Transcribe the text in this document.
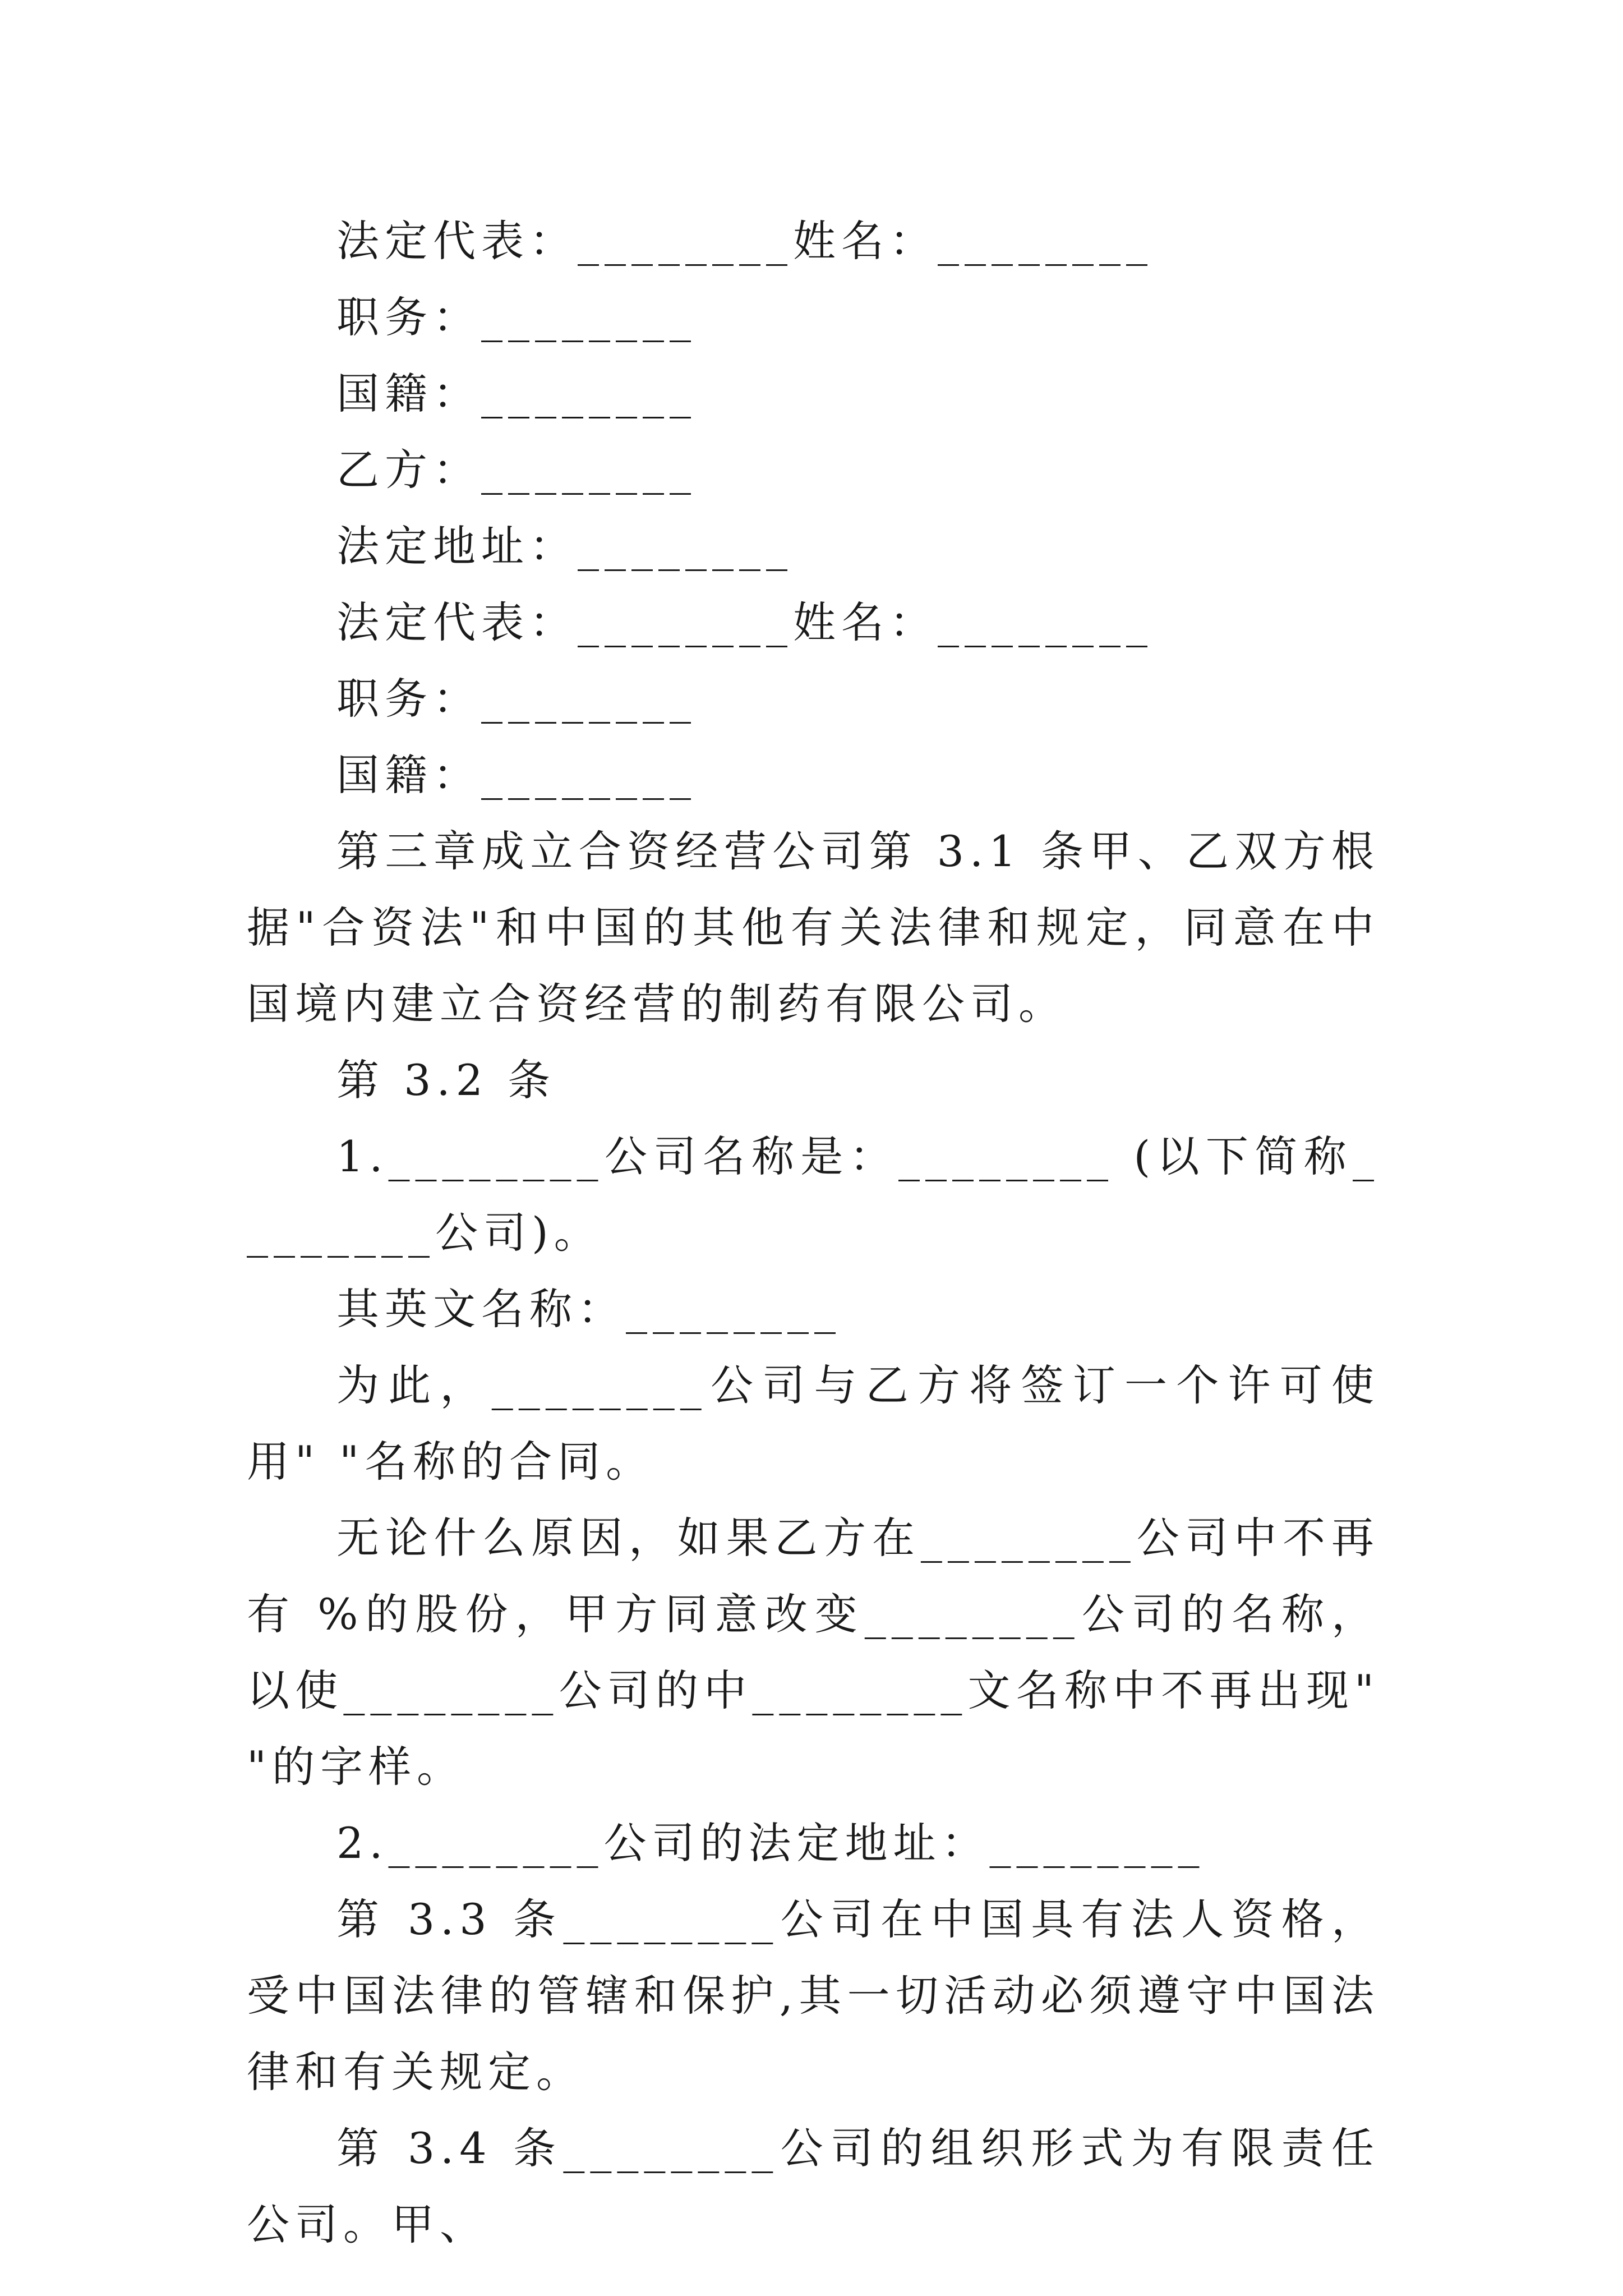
法定代表：________姓名：________

职务：________

国籍：________

乙方：________

法定地址：________

法定代表：________姓名：________

职务：________

国籍：________

第三章成立合资经营公司第 3.1 条甲、乙双方根据"合资法"和中国的其他有关法律和规定，同意在中国境内建立合资经营的制药有限公司。

第 3.2 条

1.________公司名称是：________ (以下简称________公司)。

其英文名称：________

为此，________公司与乙方将签订一个许可使用" "名称的合同。

无论什么原因，如果乙方在________公司中不再有 %的股份，甲方同意改变________公司的名称，以使________公司的中________文名称中不再出现" "的字样。

2.________公司的法定地址：________

第 3.3 条________公司在中国具有法人资格，受中国法律的管辖和保护,其一切活动必须遵守中国法律和有关规定。

第 3.4 条________公司的组织形式为有限责任公司。甲、
